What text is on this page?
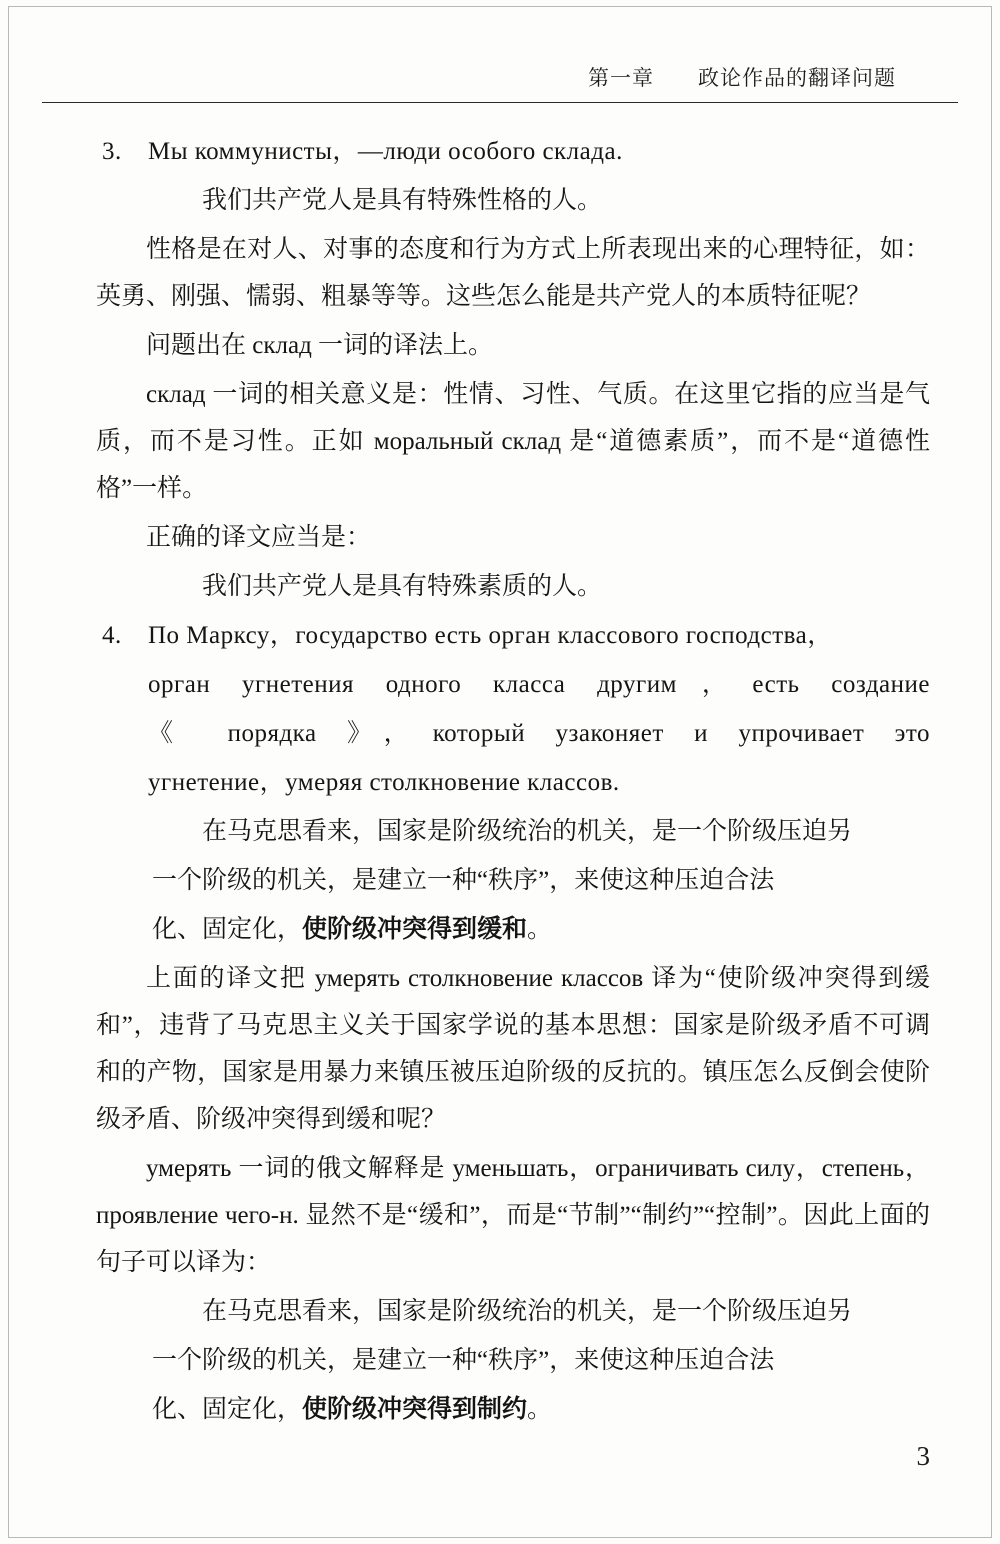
第一章　　政论作品的翻译问题

3. Мы коммунисты，—люди особого склада.

我们共产党人是具有特殊性格的人。

性格是在对人、对事的态度和行为方式上所表现出来的心理特征，如：英勇、刚强、懦弱、粗暴等等。这些怎么能是共产党人的本质特征呢？

问题出在 склад 一词的译法上。

склад 一词的相关意义是：性情、习性、气质。在这里它指的应当是气质，而不是习性。正如 моральный склад 是“道德素质”，而不是“道德性格”一样。

正确的译文应当是：

我们共产党人是具有特殊素质的人。

4. По Марксу，государство есть орган классового господства，

орган угнетения одного класса другим，есть создание

《 порядка 》，который узаконяет и упрочивает это

угнетение，умеряя столкновение классов.

在马克思看来，国家是阶级统治的机关，是一个阶级压迫另

一个阶级的机关，是建立一种“秩序”，来使这种压迫合法

化、固定化，使阶级冲突得到缓和。

上面的译文把 умерять столкновение классов 译为“使阶级冲突得到缓和”，违背了马克思主义关于国家学说的基本思想：国家是阶级矛盾不可调和的产物，国家是用暴力来镇压被压迫阶级的反抗的。镇压怎么反倒会使阶级矛盾、阶级冲突得到缓和呢？

умерять 一词的俄文解释是 уменьшать，ограничивать силу，степень，проявление чего-н. 显然不是“缓和”，而是“节制”“制约”“控制”。因此上面的句子可以译为：

在马克思看来，国家是阶级统治的机关，是一个阶级压迫另

一个阶级的机关，是建立一种“秩序”，来使这种压迫合法

化、固定化，使阶级冲突得到制约。

3
